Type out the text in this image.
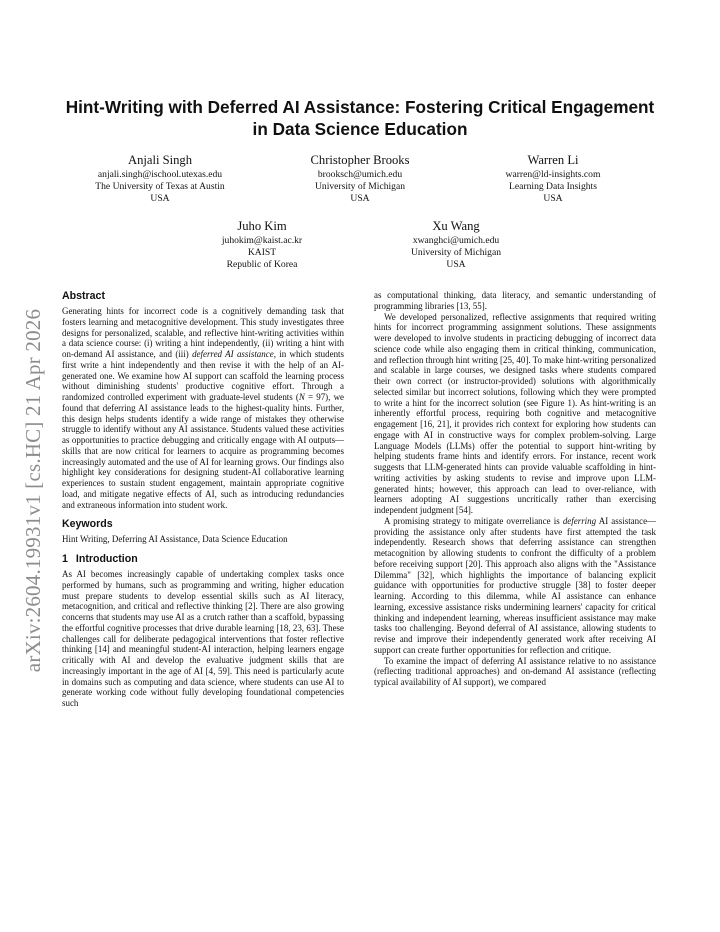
arXiv:2604.19931v1 [cs.HC] 21 Apr 2026
Hint-Writing with Deferred AI Assistance: Fostering Critical Engagement in Data Science Education
Anjali Singh
anjali.singh@ischool.utexas.edu
The University of Texas at Austin
USA
Christopher Brooks
brooksch@umich.edu
University of Michigan
USA
Warren Li
warren@ld-insights.com
Learning Data Insights
USA
Juho Kim
juhokim@kaist.ac.kr
KAIST
Republic of Korea
Xu Wang
xwanghci@umich.edu
University of Michigan
USA
Abstract

Generating hints for incorrect code is a cognitively demanding task that fosters learning and metacognitive development. This study investigates three designs for personalized, scalable, and reflective hint-writing activities within a data science course: (i) writing a hint independently, (ii) writing a hint with on-demand AI assistance, and (iii) deferred AI assistance, in which students first write a hint independently and then revise it with the help of an AI-generated one. We examine how AI support can scaffold the learning process without diminishing students' productive cognitive effort. Through a randomized controlled experiment with graduate-level students (N = 97), we found that deferring AI assistance leads to the highest-quality hints. Further, this design helps students identify a wide range of mistakes they otherwise struggle to identify without any AI assistance. Students valued these activities as opportunities to practice debugging and critically engage with AI outputs—skills that are now critical for learners to acquire as programming becomes increasingly automated and the use of AI for learning grows. Our findings also highlight key considerations for designing student-AI collaborative learning experiences to sustain student engagement, maintain appropriate cognitive load, and mitigate negative effects of AI, such as introducing redundancies and extraneous information into student work.

Keywords

Hint Writing, Deferring AI Assistance, Data Science Education

1 Introduction

As AI becomes increasingly capable of undertaking complex tasks once performed by humans, such as programming and writing, higher education must prepare students to develop essential skills such as AI literacy, metacognition, and critical and reflective thinking [2]. There are also growing concerns that students may use AI as a crutch rather than a scaffold, bypassing the effortful cognitive processes that drive durable learning [18, 23, 63]. These challenges call for deliberate pedagogical interventions that foster reflective thinking [14] and meaningful student-AI interaction, helping learners engage critically with AI and develop the evaluative judgment skills that are increasingly important in the age of AI [4, 59]. This need is particularly acute in domains such as computing and data science, where students can use AI to generate working code without fully developing foundational competencies such

as computational thinking, data literacy, and semantic understanding of programming libraries [13, 55].

We developed personalized, reflective assignments that required writing hints for incorrect programming assignment solutions. These assignments were developed to involve students in practicing debugging of incorrect data science code while also engaging them in critical thinking, communication, and reflection through hint writing [25, 40]. To make hint-writing personalized and scalable in large courses, we designed tasks where students compared their own correct (or instructor-provided) solutions with algorithmically selected similar but incorrect solutions, following which they were prompted to write a hint for the incorrect solution (see Figure 1). As hint-writing is an inherently effortful process, requiring both cognitive and metacognitive engagement [16, 21], it provides rich context for exploring how students can engage with AI in constructive ways for complex problem-solving. Large Language Models (LLMs) offer the potential to support hint-writing by helping students frame hints and identify errors. For instance, recent work suggests that LLM-generated hints can provide valuable scaffolding in hint-writing activities by asking students to revise and improve upon LLM-generated hints; however, this approach can lead to over-reliance, with learners adopting AI suggestions uncritically rather than exercising independent judgment [54].

A promising strategy to mitigate overreliance is deferring AI assistance—providing the assistance only after students have first attempted the task independently. Research shows that deferring assistance can strengthen metacognition by allowing students to confront the difficulty of a problem before receiving support [20]. This approach also aligns with the "Assistance Dilemma" [32], which highlights the importance of balancing explicit guidance with opportunities for productive struggle [38] to foster deeper learning. According to this dilemma, while AI assistance can enhance learning, excessive assistance risks undermining learners' capacity for critical thinking and independent learning, whereas insufficient assistance may make tasks too challenging. Beyond deferral of AI assistance, allowing students to revise and improve their independently generated work after receiving AI support can create further opportunities for reflection and critique.

To examine the impact of deferring AI assistance relative to no assistance (reflecting traditional approaches) and on-demand AI assistance (reflecting typical availability of AI support), we compared
